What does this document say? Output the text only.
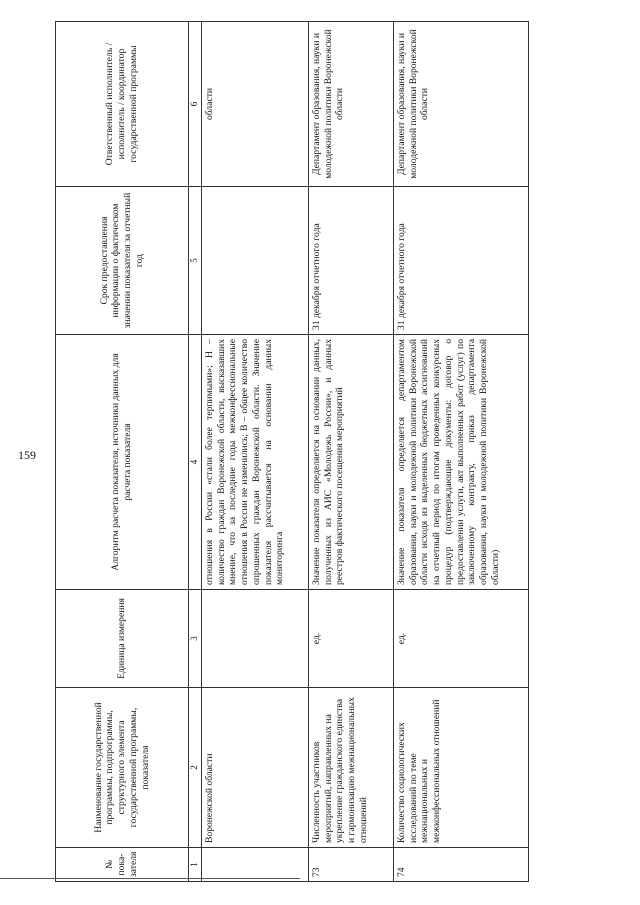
159
№ пока-зателя	Наименование государственной программы, подпрограммы, структурного элемента государственной программы, показателя	Единица измерения	Алгоритм расчета показателя, источники данных для расчета показателя	Срок предоставления информации о фактическом значении показателя за отчетный год	Ответственный исполнитель / исполнитель / координатор государственной программы
1	2	3	4	5	6
	Воронежской области		отношения в России «стали более терпимыми»; Н – количество граждан Воронежской области, высказавших мнение, что за последние годы межконфессиональные отношения в России не изменились; В – общее количество опрошенных граждан Воронежской области. Значение показателя рассчитывается на основании данных мониторинга		области
73	Численность участников мероприятий, направленных на укрепление гражданского единства и гармонизацию межнациональных отношений	ед.	Значение показателя определяется на основании данных, полученных из АИС «Молодежь России», и данных реестров фактического посещения мероприятий	31 декабря отчетного года	Департамент образования, науки и молодежной политики Воронежской области
74	Количество социологических исследований по теме межнациональных и межконфессиональных отношений	ед.	Значение показателя определяется департаментом образования, науки и молодежной политики Воронежской области исходя из выделенных бюджетных ассигнований на отчетный период по итогам проведенных конкурсных процедур (подтверждающие документы: договор о предоставлении услуги, акт выполненных работ (услуг) по заключенному контракту, приказ департамента образования, науки и молодежной политики Воронежской области)	31 декабря отчетного года	Департамент образования, науки и молодежной политики Воронежской области
